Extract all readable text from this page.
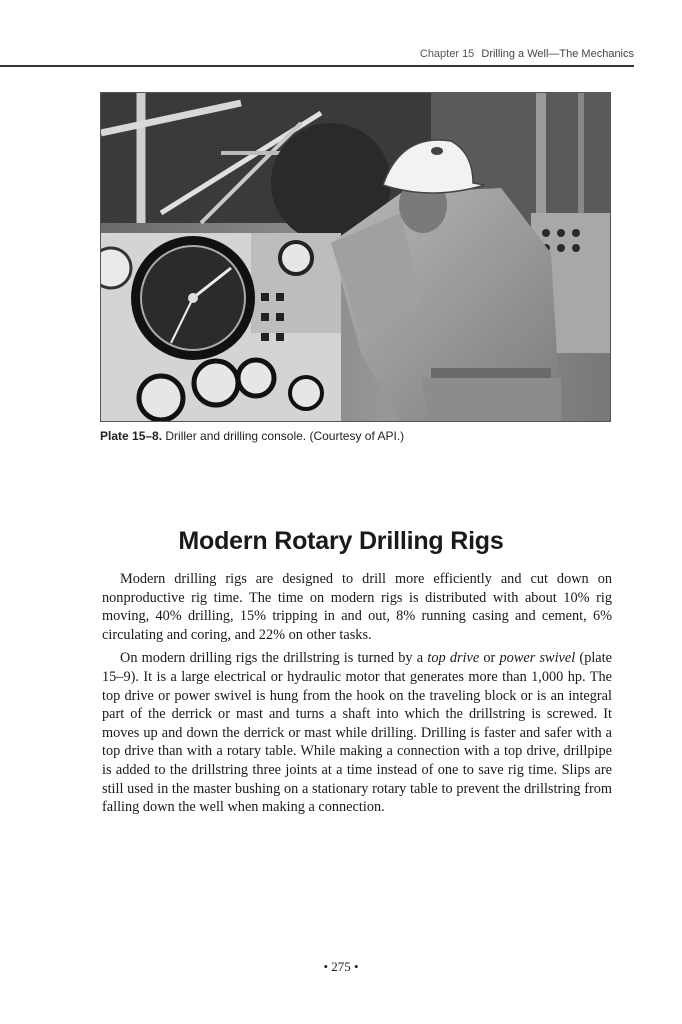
Chapter 15 Drilling a Well—The Mechanics
Plate 15–8. Driller and drilling console. (Courtesy of API.)
Modern Rotary Drilling Rigs

Modern drilling rigs are designed to drill more efficiently and cut down on nonproductive rig time. The time on modern rigs is distributed with about 10% rig moving, 40% drilling, 15% tripping in and out, 8% running casing and cement, 6% circulating and coring, and 22% on other tasks.

On modern drilling rigs the drillstring is turned by a top drive or power swivel (plate 15–9). It is a large electrical or hydraulic motor that generates more than 1,000 hp. The top drive or power swivel is hung from the hook on the traveling block or is an integral part of the derrick or mast and turns a shaft into which the drillstring is screwed. It moves up and down the derrick or mast while drilling. Drilling is faster and safer with a top drive than with a rotary table. While making a connection with a top drive, drillpipe is added to the drillstring three joints at a time instead of one to save rig time. Slips are still used in the master bushing on a stationary rotary table to prevent the drillstring from falling down the well when making a connection.

• 275 •
